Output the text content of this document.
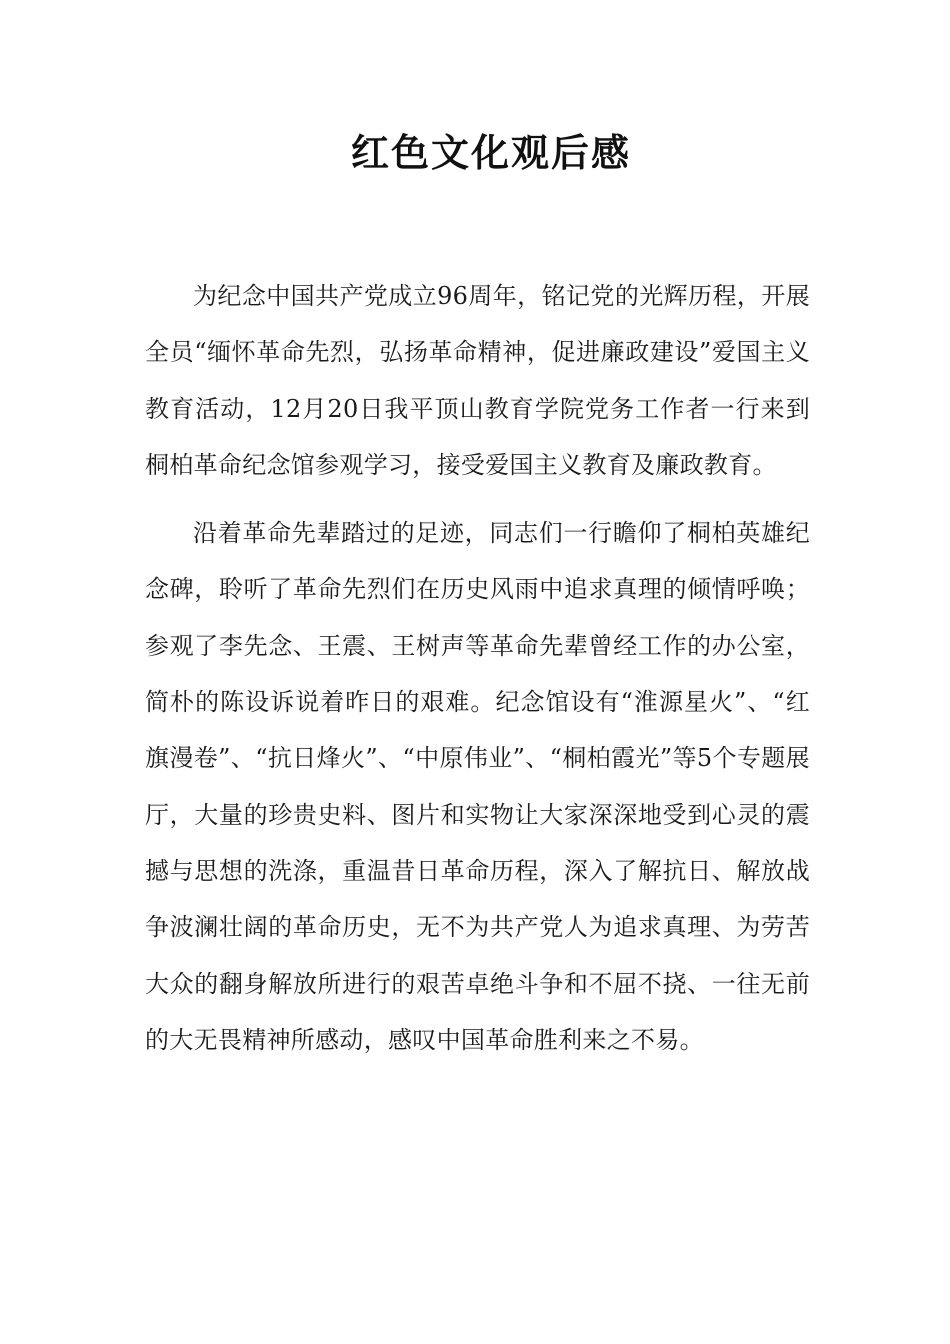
红色文化观后感

为纪念中国共产党成立96周年，铭记党的光辉历程，开展全员“缅怀革命先烈，弘扬革命精神，促进廉政建设”爱国主义教育活动，12月20日我平顶山教育学院党务工作者一行来到桐柏革命纪念馆参观学习，接受爱国主义教育及廉政教育。

沿着革命先辈踏过的足迹，同志们一行瞻仰了桐柏英雄纪念碑，聆听了革命先烈们在历史风雨中追求真理的倾情呼唤；参观了李先念、王震、王树声等革命先辈曾经工作的办公室，简朴的陈设诉说着昨日的艰难。纪念馆设有“淮源星火”、“红旗漫卷”、“抗日烽火”、“中原伟业”、“桐柏霞光”等5个专题展厅，大量的珍贵史料、图片和实物让大家深深地受到心灵的震撼与思想的洗涤，重温昔日革命历程，深入了解抗日、解放战争波澜壮阔的革命历史，无不为共产党人为追求真理、为劳苦大众的翻身解放所进行的艰苦卓绝斗争和不屈不挠、一往无前的大无畏精神所感动，感叹中国革命胜利来之不易。
